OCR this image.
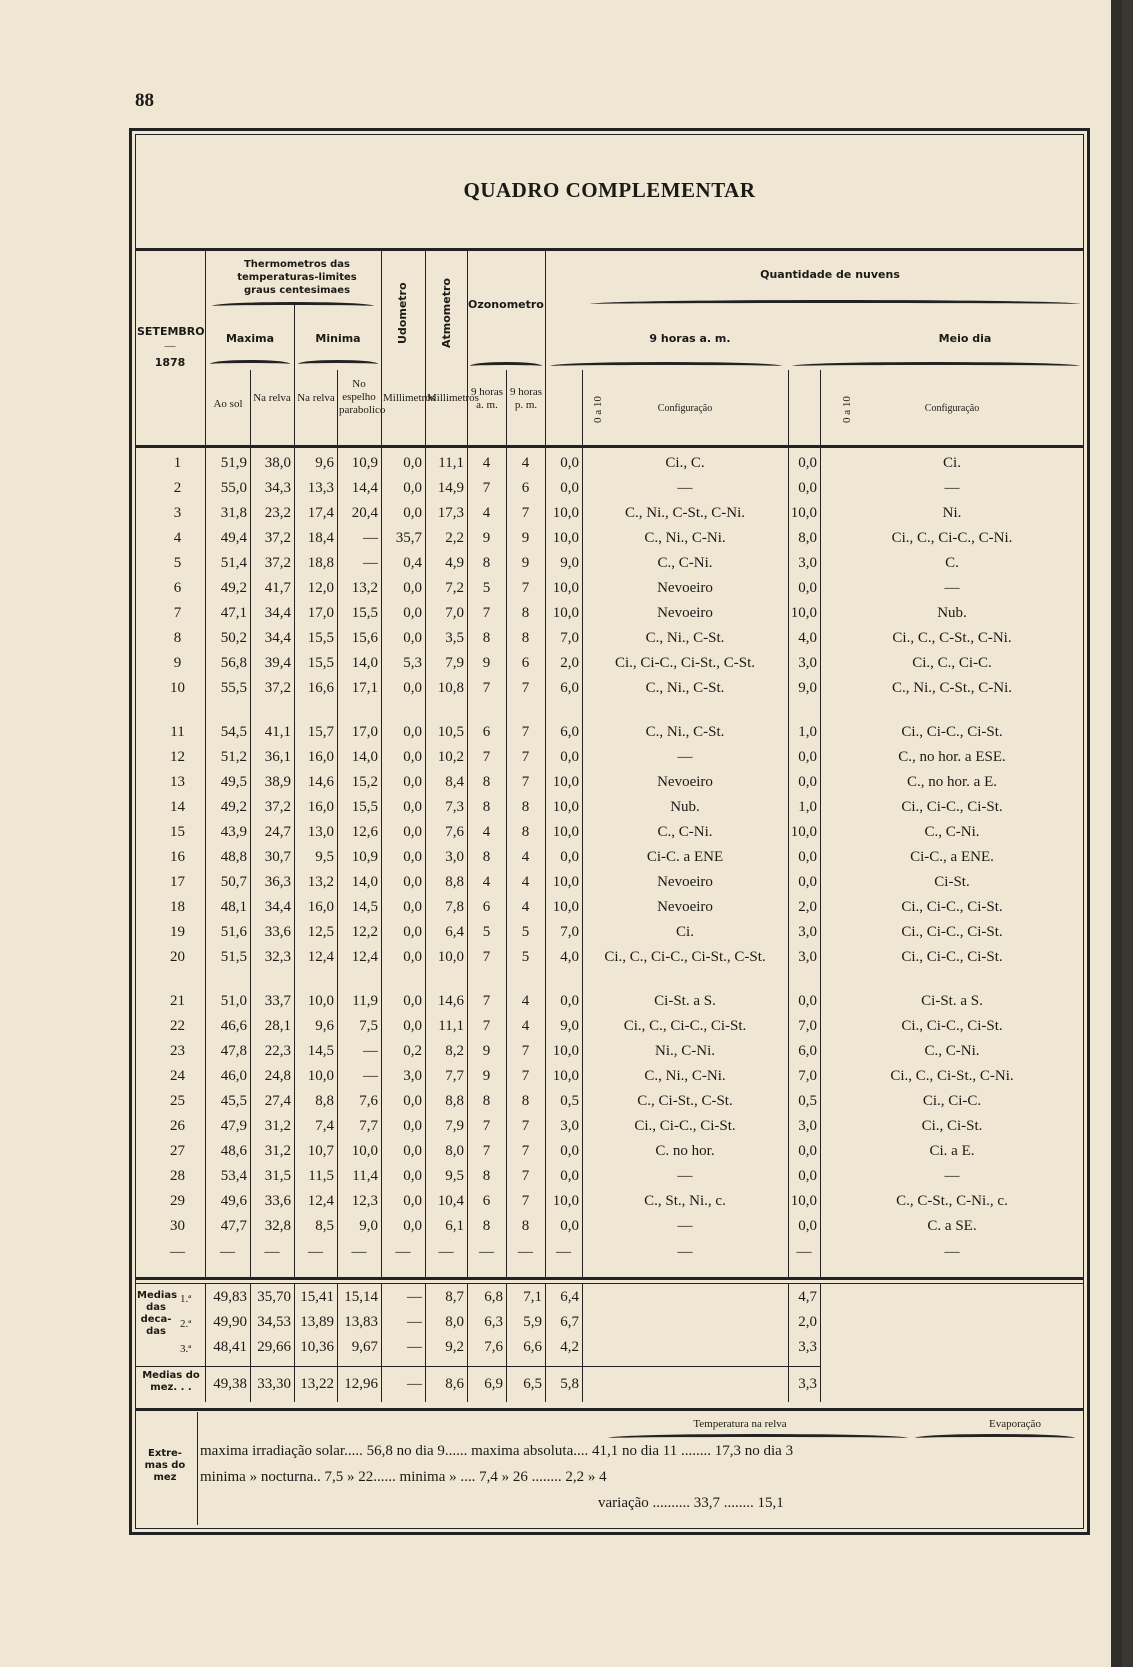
88
QUADRO COMPLEMENTAR
SETEMBRO
—
1878
Thermometros das temperaturas-limites graus centesimaes
Maxima	Minima
Ao sol Na relva Na relva
No espelho parabolico
Udometro	Atmometro
Millimetros
Millimetros
Ozonometro
9 horas a. m.
9 horas p. m.
Quantidade de nuvens
9 horas a. m.	Meio dia
0 a 10	Configuração	0 a 10	Configuração
1	51,9	38,0	9,6	10,9	0,0	11,1	4	4	0,0	Ci., C.	0,0	Ci.
2	55,0	34,3	13,3	14,4	0,0	14,9	7	6	0,0	—	0,0	—
3	31,8	23,2	17,4	20,4	0,0	17,3	4	7	10,0	C., Ni., C-St., C-Ni.	10,0	Ni.
4	49,4	37,2	18,4	—	35,7	2,2	9	9	10,0	C., Ni., C-Ni.	8,0	Ci., C., Ci-C., C-Ni.
5	51,4	37,2	18,8	—	0,4	4,9	8	9	9,0	C., C-Ni.	3,0	C.
6	49,2	41,7	12,0	13,2	0,0	7,2	5	7	10,0	Nevoeiro	0,0	—
7	47,1	34,4	17,0	15,5	0,0	7,0	7	8	10,0	Nevoeiro	10,0	Nub.
8	50,2	34,4	15,5	15,6	0,0	3,5	8	8	7,0	C., Ni., C-St.	4,0	Ci., C., C-St., C-Ni.
9	56,8	39,4	15,5	14,0	5,3	7,9	9	6	2,0	Ci., Ci-C., Ci-St., C-St.	3,0	Ci., C., Ci-C.
10	55,5	37,2	16,6	17,1	0,0	10,8	7	7	6,0	C., Ni., C-St.	9,0	C., Ni., C-St., C-Ni.
11	54,5	41,1	15,7	17,0	0,0	10,5	6	7	6,0	C., Ni., C-St.	1,0	Ci., Ci-C., Ci-St.
12	51,2	36,1	16,0	14,0	0,0	10,2	7	7	0,0	—	0,0	C., no hor. a ESE.
13	49,5	38,9	14,6	15,2	0,0	8,4	8	7	10,0	Nevoeiro	0,0	C., no hor. a E.
14	49,2	37,2	16,0	15,5	0,0	7,3	8	8	10,0	Nub.	1,0	Ci., Ci-C., Ci-St.
15	43,9	24,7	13,0	12,6	0,0	7,6	4	8	10,0	C., C-Ni.	10,0	C., C-Ni.
16	48,8	30,7	9,5	10,9	0,0	3,0	8	4	0,0	Ci-C. a ENE	0,0	Ci-C., a ENE.
17	50,7	36,3	13,2	14,0	0,0	8,8	4	4	10,0	Nevoeiro	0,0	Ci-St.
18	48,1	34,4	16,0	14,5	0,0	7,8	6	4	10,0	Nevoeiro	2,0	Ci., Ci-C., Ci-St.
19	51,6	33,6	12,5	12,2	0,0	6,4	5	5	7,0	Ci.	3,0	Ci., Ci-C., Ci-St.
20	51,5	32,3	12,4	12,4	0,0	10,0	7	5	4,0	Ci., C., Ci-C., Ci-St., C-St.	3,0	Ci., Ci-C., Ci-St.
21	51,0	33,7	10,0	11,9	0,0	14,6	7	4	0,0	Ci-St. a S.	0,0	Ci-St. a S.
22	46,6	28,1	9,6	7,5	0,0	11,1	7	4	9,0	Ci., C., Ci-C., Ci-St.	7,0	Ci., Ci-C., Ci-St.
23	47,8	22,3	14,5	—	0,2	8,2	9	7	10,0	Ni., C-Ni.	6,0	C., C-Ni.
24	46,0	24,8	10,0	—	3,0	7,7	9	7	10,0	C., Ni., C-Ni.	7,0	Ci., C., Ci-St., C-Ni.
25	45,5	27,4	8,8	7,6	0,0	8,8	8	8	0,5	C., Ci-St., C-St.	0,5	Ci., Ci-C.
26	47,9	31,2	7,4	7,7	0,0	7,9	7	7	3,0	Ci., Ci-C., Ci-St.	3,0	Ci., Ci-St.
27	48,6	31,2	10,7	10,0	0,0	8,0	7	7	0,0	C. no hor.	0,0	Ci. a E.
28	53,4	31,5	11,5	11,4	0,0	9,5	8	7	0,0	—	0,0	—
29	49,6	33,6	12,4	12,3	0,0	10,4	6	7	10,0	C., St., Ni., c.	10,0	C., C-St., C-Ni., c.
30	47,7	32,8	8,5	9,0	0,0	6,1	8	8	0,0	—	0,0	C. a SE.
—	—	—	—	—	—	—	—	—	—	—	—	—
Medias das deca- das
Medias do mez. . .
1.ª	49,83 35,70 15,41 15,14	—	8,7	6,8	7,1	6,4	4,7
2.ª	49,90 34,53 13,89 13,83	—	8,0	6,3	5,9	6,7	2,0
3.ª	48,41 29,66 10,36	9,67	—	9,2	7,6	6,6	4,2	3,3
49,38 33,30 13,22 12,96	—	8,6	6,9	6,5	5,8	3,3
Extre- mas do mez
Temperatura na relva	Evaporação
maxima irradiação solar..... 56,8 no dia 9...... maxima absoluta.... 41,1 no dia 11 ........ 17,3 no dia 3
minima » nocturna.. 7,5 » 22...... minima » .... 7,4 » 26 ........ 2,2 » 4
variação .......... 33,7 ........ 15,1
